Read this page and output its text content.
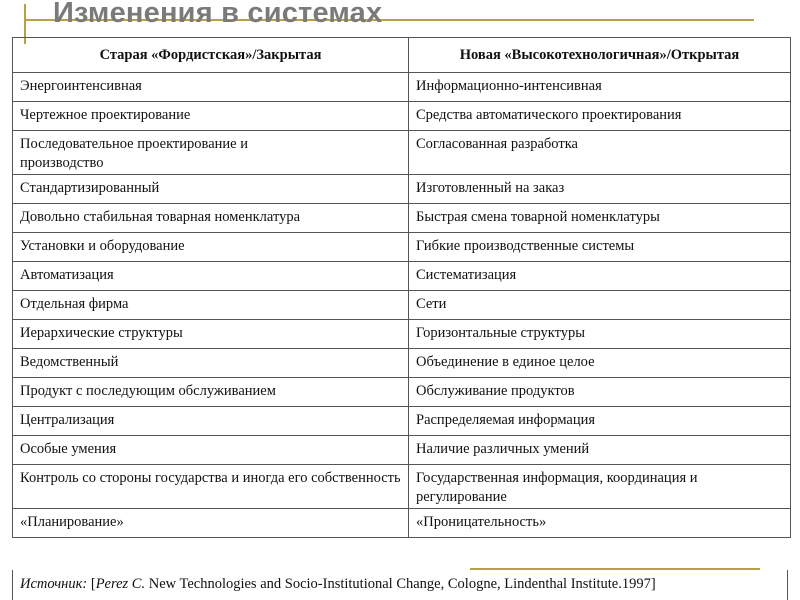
Изменения в системах
Старая «Фордистская»/Закрытая	Новая «Высокотехнологичная»/Открытая
Энергоинтенсивная	Информационно-интенсивная
Чертежное проектирование	Средства автоматического проектирования
Последовательное проектирование и производство	Согласованная разработка
Стандартизированный	Изготовленный на заказ
Довольно стабильная товарная номенклатура	Быстрая смена товарной номенклатуры
Установки и оборудование	Гибкие производственные системы
Автоматизация	Систематизация
Отдельная фирма	Сети
Иерархические структуры	Горизонтальные структуры
Ведомственный	Объединение в единое целое
Продукт с последующим обслуживанием	Обслуживание продуктов
Централизация	Распределяемая информация
Особые умения	Наличие различных умений
Контроль со стороны государства и иногда его собственность	Государственная информация, координация и регулирование
«Планирование»	«Проницательность»
Источник: [Perez C. New Technologies and Socio-Institutional Change, Cologne, Lindenthal Institute.1997]
